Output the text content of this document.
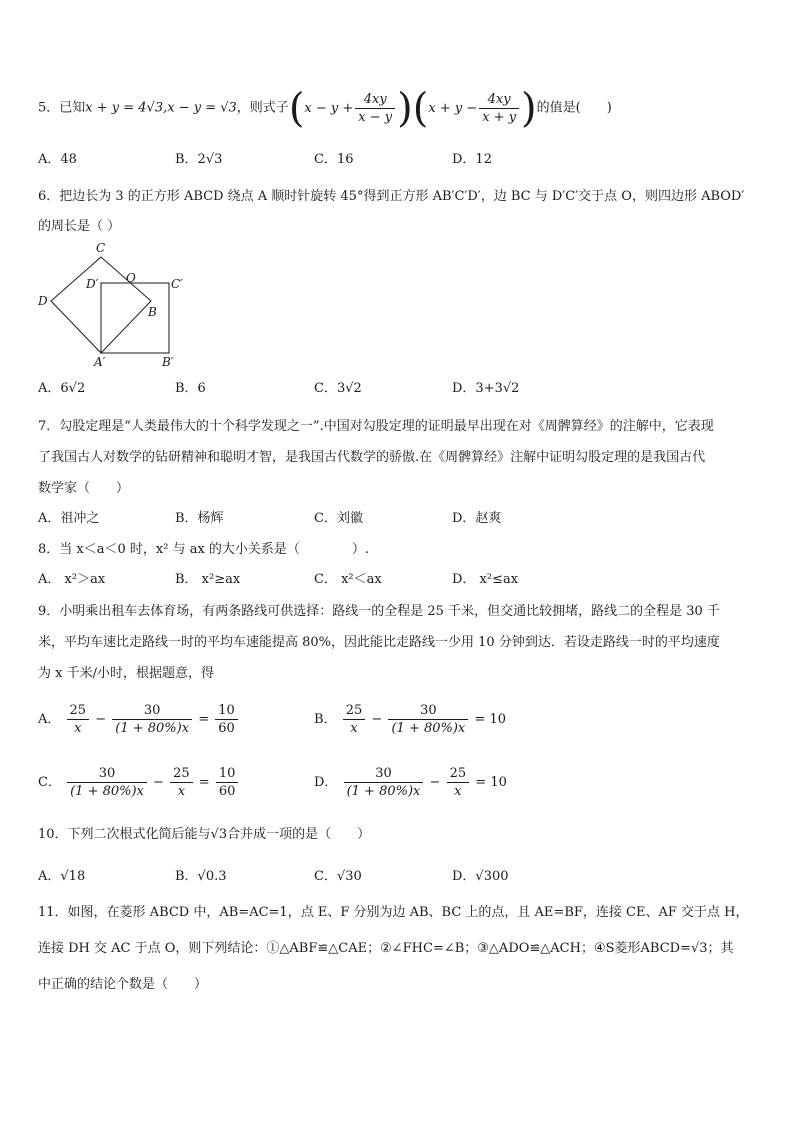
5．已知x + y = 4√3,x − y = √3，则式子$(x - y + \frac{4xy}{x - y} )(x + y - \frac{4xy}{x + y}$ )的值是(　　)
A．48	B．2√3	C．16	D．12
6．把边长为 3 的正方形 ABCD 绕点 A 顺时针旋转 45°得到正方形 AB′C′D′，边 BC 与 D′C′交于点 O，则四边形 ABOD′
的周长是（ ）
C
D′ O	C′
D
B
A′	B′
A．6√2	B．6	C．3√2	D．3+3√2
7．勾股定理是“人类最伟大的十个科学发现之一”.中国对勾股定理的证明最早出现在对《周髀算经》的注解中，它表现
了我国古人对数学的钻研精神和聪明才智，是我国古代数学的骄傲.在《周髀算经》注解中证明勾股定理的是我国古代
数学家（　　）
A．祖冲之	B．杨辉	C．刘徽	D．赵爽
8．当 x＜a＜0 时，x² 与 ax 的大小关系是（　　　　）.
A． x²＞ax	B． x²≥ax	C． x²＜ax	D． x²≤ax
9．小明乘出租车去体育场，有两条路线可供选择：路线一的全程是 25 千米，但交通比较拥堵，路线二的全程是 30 千
米，平均车速比走路线一时的平均车速能提高 80%，因此能比走路线一少用 10 分钟到达．若设走路线一时的平均速度
为 x 千米/小时，根据题意，得
A． $\frac{25}{x} - \frac{30}{(1 + 80\%)x} = \frac{10}{60}$	B． $\frac{25}{x} - \frac{30}{(1 + 80\%)x} = 10$
C． $\frac{30}{(1 + 80\%)x} - \frac{25}{x} = \frac{10}{60}$	D． $\frac{30}{(1 + 80\%)x} - \frac{25}{x} = 10$
10．下列二次根式化简后能与√3合并成一项的是（　　）
A．√18	B．√0.3	C．√30	D．√300
11．如图，在菱形 ABCD 中，AB=AC=1，点 E、F 分别为边 AB、BC 上的点，且 AE=BF，连接 CE、AF 交于点 H，
连接 DH 交 AC 于点 O，则下列结论：①△ABF≌△CAE；②∠FHC=∠B；③△ADO≌△ACH；④S菱形ABCD=√3；其
中正确的结论个数是（　　）
